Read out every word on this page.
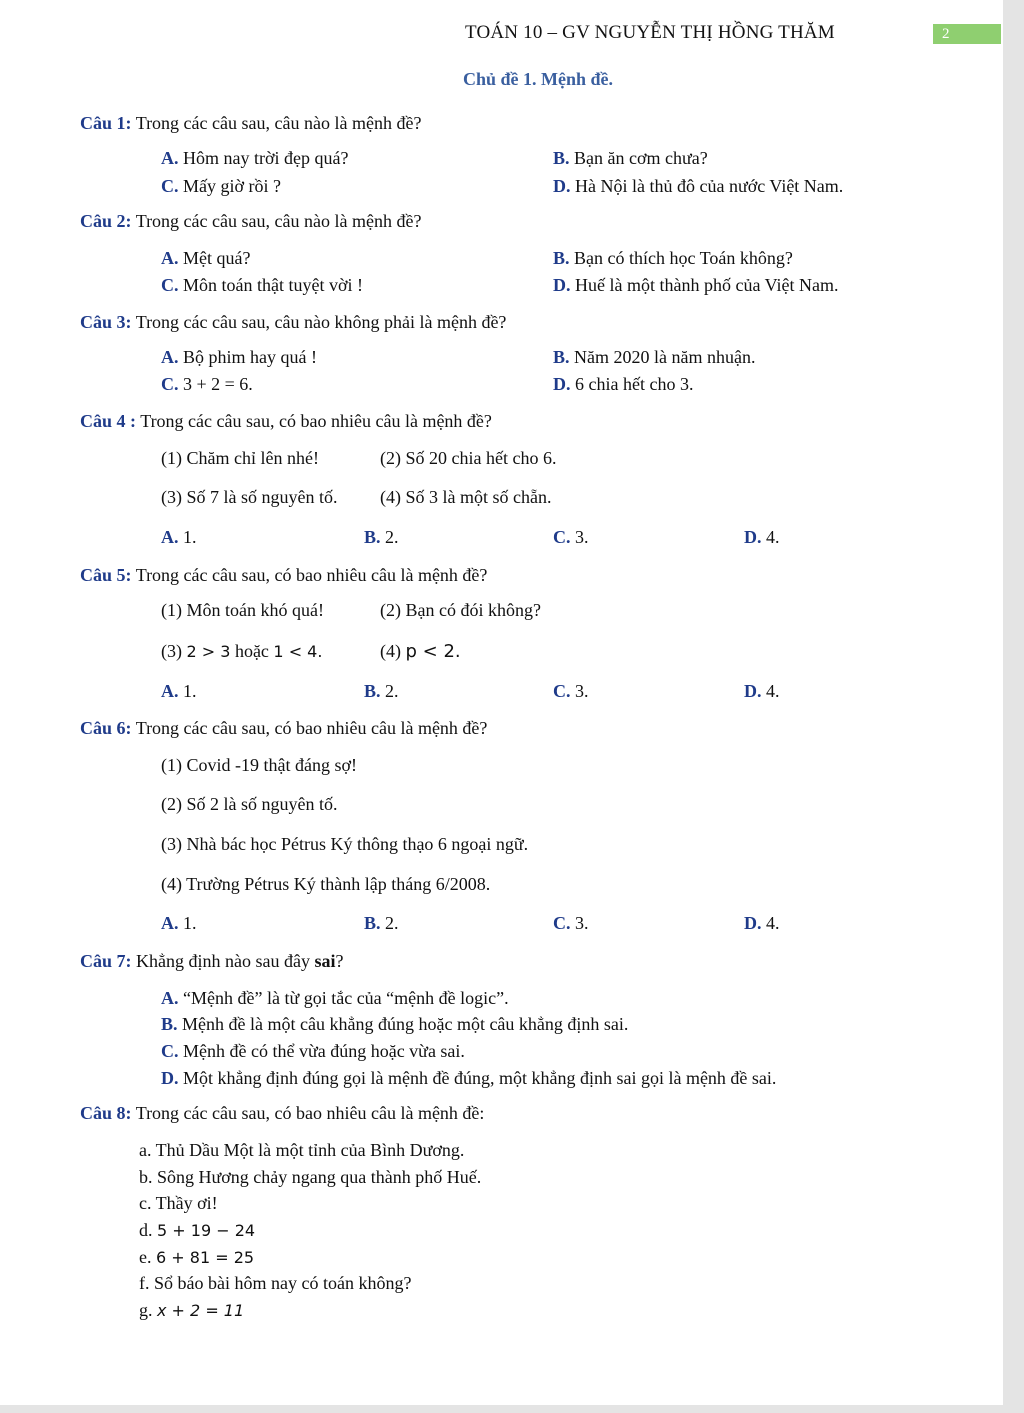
TOÁN 10 – GV NGUYỄN THỊ HỒNG THĂM	2
Chủ đề 1. Mệnh đề.
Câu 1: Trong các câu sau, câu nào là mệnh đề?
A. Hôm nay trời đẹp quá?	B. Bạn ăn cơm chưa?
C. Mấy giờ rồi ?	D. Hà Nội là thủ đô của nước Việt Nam.
Câu 2: Trong các câu sau, câu nào là mệnh đề?
A. Mệt quá?	B. Bạn có thích học Toán không?
C. Môn toán thật tuyệt vời !	D. Huế là một thành phố của Việt Nam.
Câu 3: Trong các câu sau, câu nào không phải là mệnh đề?
A. Bộ phim hay quá !	B. Năm 2020 là năm nhuận.
C. 3 + 2 = 6.	D. 6 chia hết cho 3.
Câu 4 : Trong các câu sau, có bao nhiêu câu là mệnh đề?
(1) Chăm chỉ lên nhé!	(2) Số 20 chia hết cho 6.
(3) Số 7 là số nguyên tố. (4) Số 3 là một số chẵn.
A. 1.	B. 2.	C. 3.	D. 4.
Câu 5: Trong các câu sau, có bao nhiêu câu là mệnh đề?
(1) Môn toán khó quá!	(2) Bạn có đói không?
(3) 2 > 3 hoặc 1 < 4.	(4) p < 2.
A. 1.	B. 2.	C. 3.	D. 4.
Câu 6: Trong các câu sau, có bao nhiêu câu là mệnh đề?
(1) Covid -19 thật đáng sợ!
(2) Số 2 là số nguyên tố.
(3) Nhà bác học Pétrus Ký thông thạo 6 ngoại ngữ.
(4) Trường Pétrus Ký thành lập tháng 6/2008.
A. 1.	B. 2.	C. 3.	D. 4.
Câu 7: Khẳng định nào sau đây sai?
A. “Mệnh đề” là từ gọi tắc của “mệnh đề logic”.
B. Mệnh đề là một câu khẳng đúng hoặc một câu khẳng định sai.
C. Mệnh đề có thể vừa đúng hoặc vừa sai.
D. Một khẳng định đúng gọi là mệnh đề đúng, một khẳng định sai gọi là mệnh đề sai.
Câu 8: Trong các câu sau, có bao nhiêu câu là mệnh đề:
a. Thủ Dầu Một là một tỉnh của Bình Dương.
b. Sông Hương chảy ngang qua thành phố Huế.
c. Thầy ơi!
d. 5 + 19 − 24
e. 6 + 81 = 25
f. Sổ báo bài hôm nay có toán không?
g. x + 2 = 11
